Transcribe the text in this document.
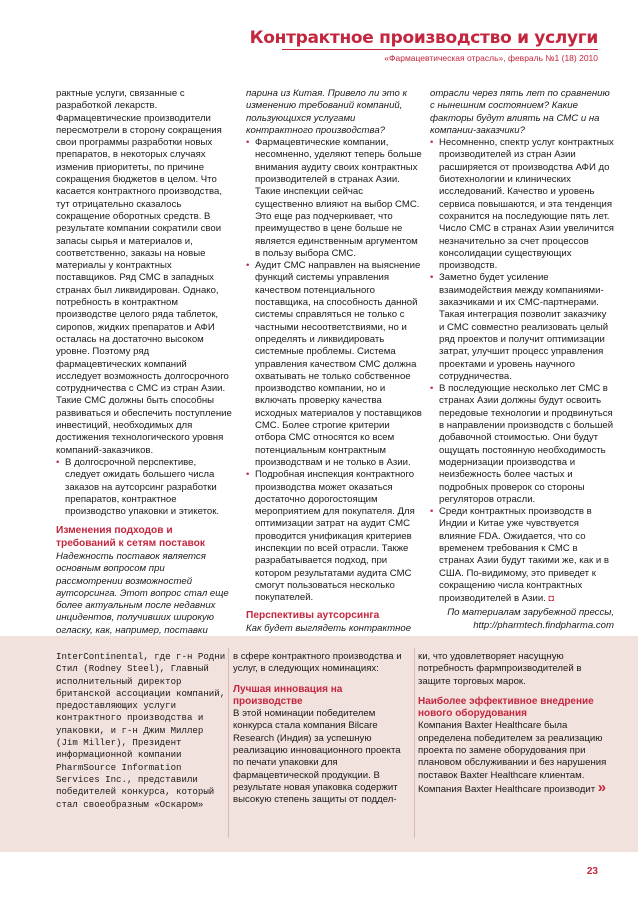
Контрактное производство и услуги
«Фармацевтическая отрасль», февраль №1 (18) 2010

рактные услуги, связанные с разработкой лекарств. Фармацевтические производители пересмотрели в сторону сокращения свои программы разработки новых препаратов, в некоторых случаях изменив приоритеты, по причине сокращения бюджетов в целом. Что касается контрактного производства, тут отрицательно сказалось сокращение оборотных средств. В результате компании сократили свои запасы сырья и материалов и, соответственно, заказы на новые материалы у контрактных поставщиков. Ряд СМС в западных странах был ликвидирован. Однако, потребность в контрактном производстве целого ряда таблеток, сиропов, жидких препаратов и АФИ осталась на достаточно высоком уровне. Поэтому ряд фармацевтических компаний исследует возможность долгосрочного сотрудничества с СМС из стран Азии. Такие СМС должны быть способны развиваться и обеспечить поступление инвестиций, необходимых для достижения технологического уровня компаний-заказчиков.

• В долгосрочной перспективе, следует ожидать большего числа заказов на аутсорсинг разработки препаратов, контрактное производство упаковки и этикеток.

Изменения подходов и требований к сетям поставок

Надежность поставок является основным вопросом при рассмотрении возможностей аутсорсинга. Этот вопрос стал еще более актуальным после недавних инцидентов, получивших широкую огласку, как, например, поставки

парина из Китая. Привело ли это к изменению требований компаний, пользующихся услугами контрактного производства?

• Фармацевтические компании, несомненно, уделяют теперь больше внимания аудиту своих контрактных производителей в странах Азии. Такие инспекции сейчас существенно влияют на выбор СМС. Это еще раз подчеркивает, что преимущество в цене больше не является единственным аргументом в пользу выбора СМС.

• Аудит СМС направлен на выяснение функций системы управления качеством потенциального поставщика, на способность данной системы справляться не только с частными несоответствиями, но и определять и ликвидировать системные проблемы. Система управления качеством СМС должна охватывать не только собственное производство компании, но и включать проверку качества исходных материалов у поставщиков СМС. Более строгие критерии отбора СМС относятся ко всем потенциальным контрактным производствам и не только в Азии.

• Подробная инспекция контрактного производства может оказаться достаточно дорогостоящим мероприятием для покупателя. Для оптимизации затрат на аудит СМС проводится унификация критериев инспекции по всей отрасли. Также разрабатывается подход, при котором результатами аудита СМС смогут пользоваться несколько покупателей.

Перспективы аутсорсинга

Как будет выглядеть контрактное

отрасли через пять лет по сравнению с нынешним состоянием? Какие факторы будут влиять на СМС и на компании-заказчики?

• Несомненно, спектр услуг контрактных производителей из стран Азии расширяется от производства АФИ до биотехнологии и клинических исследований. Качество и уровень сервиса повышаются, и эта тенденция сохранится на последующие пять лет. Число СМС в странах Азии увеличится незначительно за счет процессов консолидации существующих производств.

• Заметно будет усиление взаимодействия между компаниями-заказчиками и их СМС-партнерами. Такая интеграция позволит заказчику и СМС совместно реализовать целый ряд проектов и получит оптимизации затрат, улучшит процесс управления проектами и уровень научного сотрудничества.

• В последующие несколько лет СМС в странах Азии должны будут освоить передовые технологии и продвинуться в направлении производств с большей добавочной стоимостью. Они будут ощущать постоянную необходимость модернизации производства и неизбежность более частых и подробных проверок со стороны регуляторов отрасли.

• Среди контрактных производств в Индии и Китае уже чувствуется влияние FDA. Ожидается, что со временем требования к СМС в странах Азии будут такими же, как и в США. По-видимому, это приведет к сокращению числа контрактных производителей в Азии. ◘

По материалам зарубежной прессы,

http://pharmtech.findpharma.com

InterContinental, где г-н Родни Стил (Rodney Steel), Главный исполнительный директор британской ассоциации компаний, предоставляющих услуги контрактного производства и упаковки, и г-н Джим Миллер (Jim Miller), Президент информационной компании PharmSource Information Services Inc., представили победителей конкурса, который стал своеобразным «Оскаром»

в сфере контрактного производства и услуг, в следующих номинациях:

Лучшая инновация на производстве

В этой номинации победителем конкурса стала компания Bilcare Research (Индия) за успешную реализацию инновационного проекта по печати упаковки для фармацевтической продукции. В результате новая упаковка содержит высокую степень защиты от поддел-

ки, что удовлетворяет насущную потребность фармпроизводителей в защите торговых марок.

Наиболее эффективное внедрение нового оборудования

Компания Baxter Healthcare была определена победителем за реализацию проекта по замене оборудования при плановом обслуживании и без нарушения поставок Baxter Healthcare клиентам. Компания Baxter Healthcare производит »

23
